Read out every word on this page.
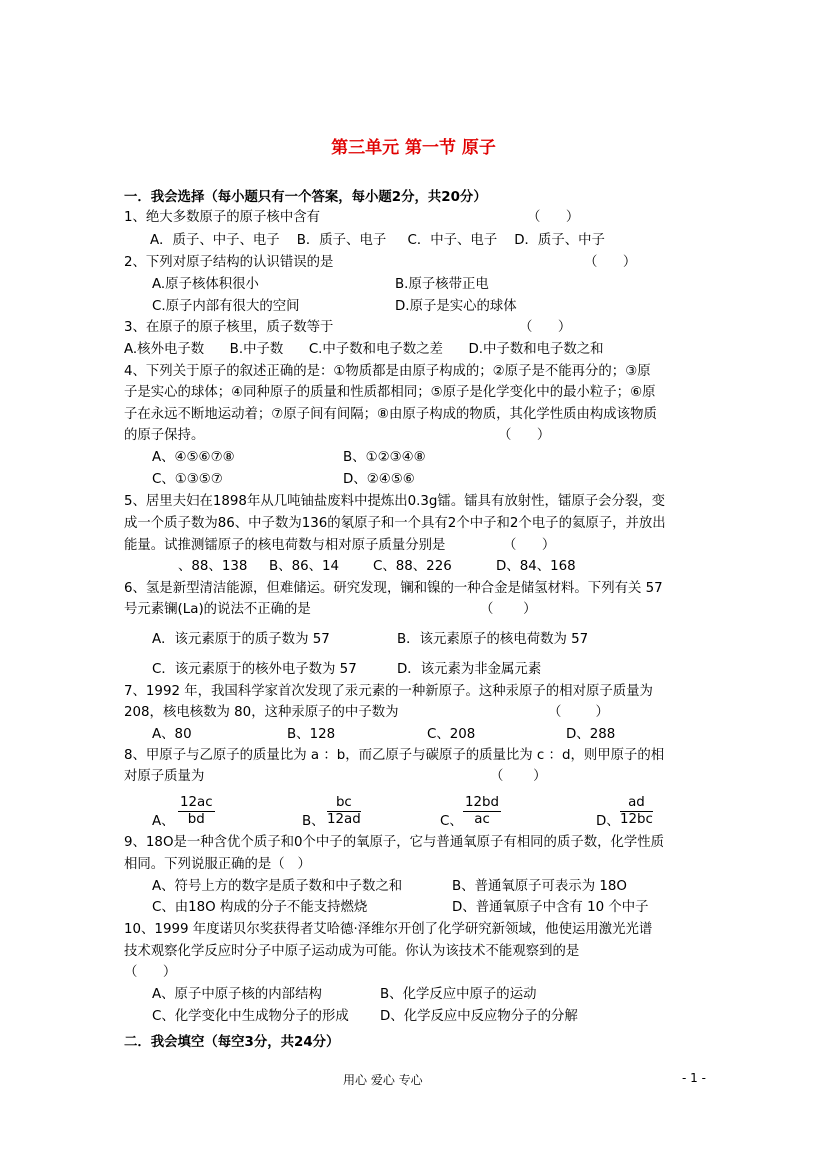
第三单元 第一节 原子
一．我会选择（每小题只有一个答案，每小题2分，共20分）
1、绝大多数原子的原子核中含有	（      ）
A．质子、中子、电子    B．质子、电子     C．中子、电子    D．质子、中子
2、下列对原子结构的认识错误的是	（      ）
A.原子核体积很小	B.原子核带正电
C.原子内部有很大的空间	D.原子是实心的球体
3、在原子的原子核里，质子数等于	（      ）
A.核外电子数      B.中子数      C.中子数和电子数之差      D.中子数和电子数之和
4、下列关于原子的叙述正确的是：①物质都是由原子构成的；②原子是不能再分的；③原
子是实心的球体；④同种原子的质量和性质都相同；⑤原子是化学变化中的最小粒子；⑥原
子在永远不断地运动着；⑦原子间有间隔；⑧由原子构成的物质，其化学性质由构成该物质
的原子保持。	（      ）
A、④⑤⑥⑦⑧	B、①②③④⑧
C、①③⑤⑦	D、②④⑤⑥
5、居里夫妇在1898年从几吨铀盐废料中提炼出0.3g镭。镭具有放射性，镭原子会分裂，变
成一个质子数为86、中子数为136的氡原子和一个具有2个中子和2个电子的氦原子，并放出
能量。试推测镭原子的核电荷数与相对原子质量分别是	（      ）
、88、138 B、86、14	C、88、226	D、84、168
6、氢是新型清洁能源，但难储运。研究发现，镧和镍的一种合金是储氢材料。下列有关 57
号元素镧(La)的说法不正确的是	（       ）
A．该元素原于的质子数为 57	B．该元素原子的核电荷数为 57
C．该元素原于的核外电子数为 57	D．该元素为非金属元素
7、1992 年，我国科学家首次发现了汞元素的一种新原子。这种汞原子的相对原子质量为
208，核电核数为 80，这种汞原子的中子数为	（        ）
A、80	B、128	C、208	D、288
8、甲原子与乙原子的质量比为 a ：b，而乙原子与碳原子的质量比为 c ：d，则甲原子的相
对原子质量为	（       ）
A、 $\frac{12ac}{bd}$	B、 $\frac{bc}{12ad}$	C、 $\frac{12bd}{ac}$	D、 $\frac{ad}{12bc}$
9、18O是一种含优个质子和0个中子的氧原子，它与普通氧原子有相同的质子数，化学性质
相同。下列说服正确的是（   ）
A、符号上方的数字是质子数和中子数之和	B、普通氧原子可表示为 18O
C、由18O 构成的分子不能支持燃烧	D、普通氧原子中含有 10 个中子
10、1999 年度诺贝尔奖获得者艾哈德·泽维尔开创了化学研究新领域，他使运用激光光谱
技术观察化学反应时分子中原子运动成为可能。你认为该技术不能观察到的是
（      ）
A、原子中原子核的内部结构	B、化学反应中原子的运动
C、化学变化中生成物分子的形成 D、化学反应中反应物分子的分解
二．我会填空（每空3分，共24分）
用心 爱心 专心	- 1 -
